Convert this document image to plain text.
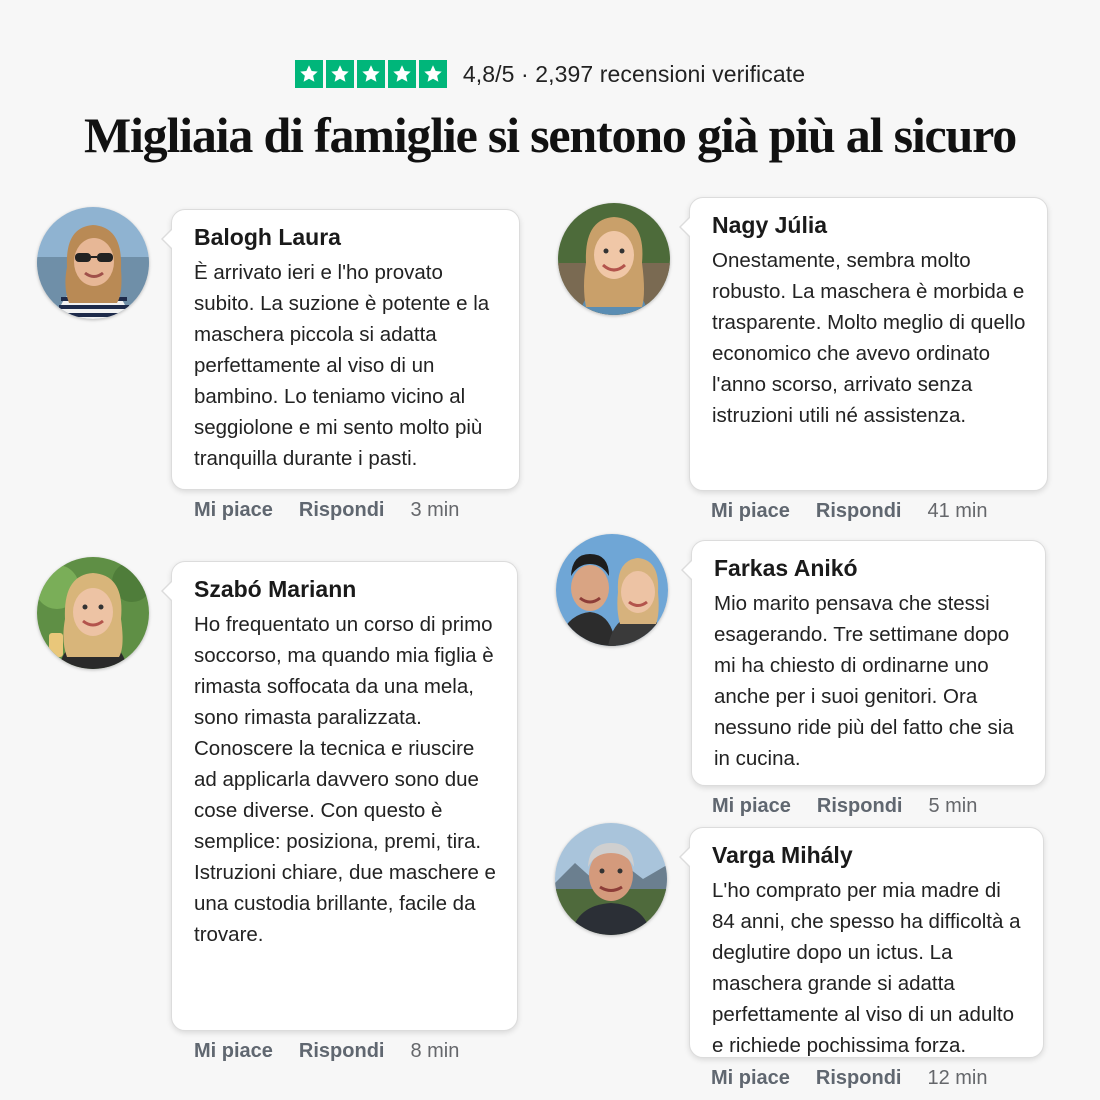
4,8/5 · 2,397 recensioni verificate
Migliaia di famiglie si sentono già più al sicuro
Balogh Laura
È arrivato ieri e l'ho provato subito. La suzione è potente e la maschera piccola si adatta perfettamente al viso di un bambino. Lo teniamo vicino al seggiolone e mi sento molto più tranquilla durante i pasti.
Mi piace Rispondi 3 min
Szabó Mariann
Ho frequentato un corso di primo soccorso, ma quando mia figlia è rimasta soffocata da una mela, sono rimasta paralizzata. Conoscere la tecnica e riuscire ad applicarla davvero sono due cose diverse. Con questo è semplice: posiziona, premi, tira. Istruzioni chiare, due maschere e una custodia brillante, facile da trovare.
Mi piace Rispondi 8 min
Nagy Júlia
Onestamente, sembra molto robusto. La maschera è morbida e trasparente. Molto meglio di quello economico che avevo ordinato l'anno scorso, arrivato senza istruzioni utili né assistenza.
Mi piace Rispondi 41 min
Farkas Anikó
Mio marito pensava che stessi esagerando. Tre settimane dopo mi ha chiesto di ordinarne uno anche per i suoi genitori. Ora nessuno ride più del fatto che sia in cucina.
Mi piace Rispondi 5 min
Varga Mihály
L'ho comprato per mia madre di 84 anni, che spesso ha difficoltà a deglutire dopo un ictus. La maschera grande si adatta perfettamente al viso di un adulto e richiede pochissima forza.
Mi piace Rispondi 12 min
